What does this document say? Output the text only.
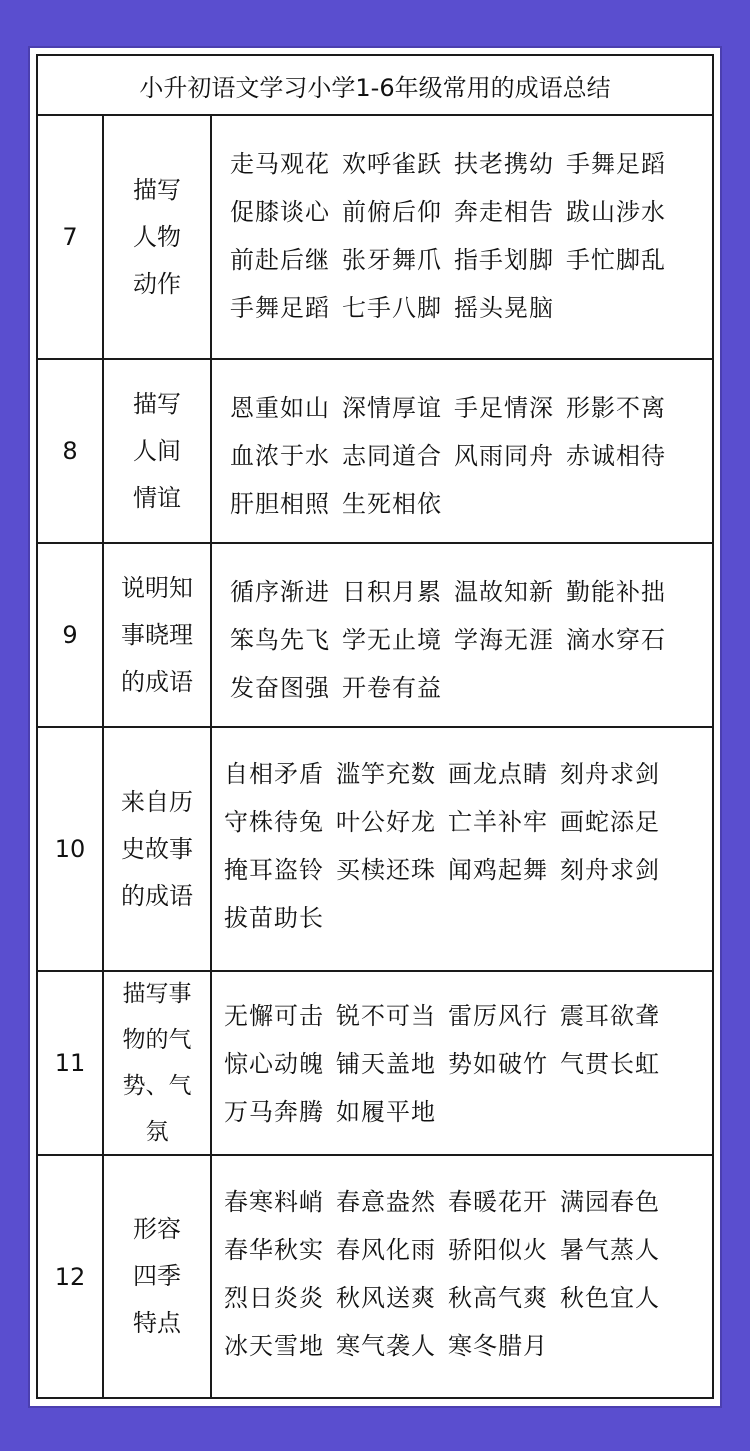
小升初语文学习小学1-6年级常用的成语总结
7
描写
人物
动作
走马观花 欢呼雀跃 扶老携幼 手舞足蹈
促膝谈心 前俯后仰 奔走相告 跋山涉水
前赴后继 张牙舞爪 指手划脚 手忙脚乱
手舞足蹈 七手八脚 摇头晃脑
8
描写
人间
情谊
恩重如山 深情厚谊 手足情深 形影不离
血浓于水 志同道合 风雨同舟 赤诚相待
肝胆相照 生死相依
9
说明知
事晓理
的成语
循序渐进 日积月累 温故知新 勤能补拙
笨鸟先飞 学无止境 学海无涯 滴水穿石
发奋图强 开卷有益
10
来自历
史故事
的成语
自相矛盾 滥竽充数 画龙点睛 刻舟求剑
守株待兔 叶公好龙 亡羊补牢 画蛇添足
掩耳盗铃 买椟还珠 闻鸡起舞 刻舟求剑
拔苗助长
11
描写事
物的气
势、气
氛
无懈可击 锐不可当 雷厉风行 震耳欲聋
惊心动魄 铺天盖地 势如破竹 气贯长虹
万马奔腾 如履平地
12
形容
四季
特点
春寒料峭 春意盎然 春暖花开 满园春色
春华秋实 春风化雨 骄阳似火 暑气蒸人
烈日炎炎 秋风送爽 秋高气爽 秋色宜人
冰天雪地 寒气袭人 寒冬腊月
